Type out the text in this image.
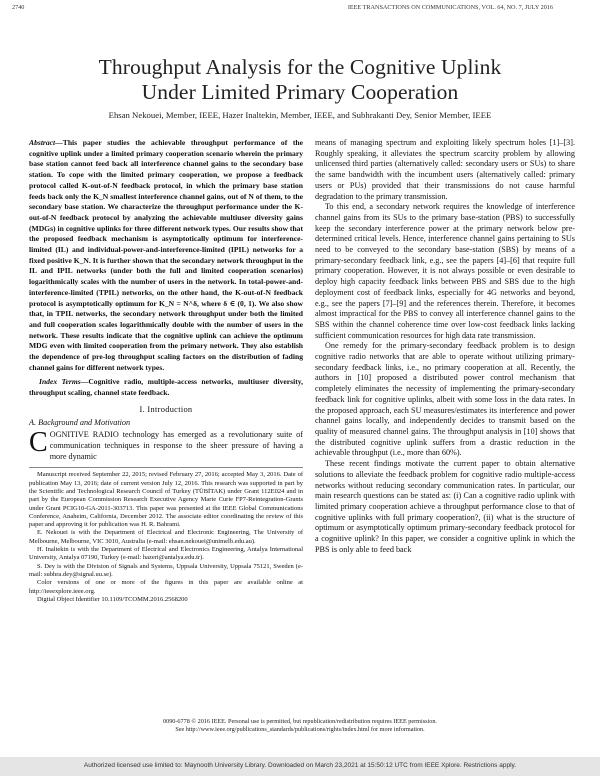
2740	IEEE TRANSACTIONS ON COMMUNICATIONS, VOL. 64, NO. 7, JULY 2016
Throughput Analysis for the Cognitive Uplink
Under Limited Primary Cooperation
Ehsan Nekouei, Member, IEEE, Hazer Inaltekin, Member, IEEE, and Subhrakanti Dey, Senior Member, IEEE
Abstract—This paper studies the achievable throughput performance of the cognitive uplink under a limited primary cooperation scenario wherein the primary base station cannot feed back all interference channel gains to the secondary base station. To cope with the limited primary cooperation, we propose a feedback protocol called K-out-of-N feedback protocol, in which the primary base station feeds back only the K_N smallest interference channel gains, out of N of them, to the secondary base station. We characterize the throughput performance under the K-out-of-N feedback protocol by analyzing the achievable multiuser diversity gains (MDGs) in cognitive uplinks for three different network types. Our results show that the proposed feedback mechanism is asymptotically optimum for interference-limited (IL) and individual-power-and-interference-limited (IPIL) networks for a fixed positive K_N. It is further shown that the secondary network throughput in the IL and IPIL networks (under both the full and limited cooperation scenarios) logarithmically scales with the number of users in the network. In total-power-and-interference-limited (TPIL) networks, on the other hand, the K-out-of-N feedback protocol is asymptotically optimum for K_N = N^δ, where δ ∈ (0, 1). We also show that, in TPIL networks, the secondary network throughput under both the limited and full cooperation scales logarithmically double with the number of users in the network. These results indicate that the cognitive uplink can achieve the optimum MDG even with limited cooperation from the primary network. They also establish the dependence of pre-log throughput scaling factors on the distribution of fading channel gains for different network types.
Index Terms—Cognitive radio, multiple-access networks, multiuser diversity, throughput scaling, channel state feedback.
I. Introduction
A. Background and Motivation
COGNITIVE RADIO technology has emerged as a revolutionary suite of communication techniques in response to the sheer pressure of having a more dynamic
Manuscript received September 22, 2015; revised February 27, 2016; accepted May 3, 2016. Date of publication May 13, 2016; date of current version July 12, 2016. This research was supported in part by the Scientific and Technological Research Council of Turkey (TÜBİTAK) under Grant 112E024 and in part by the European Commission Research Executive Agency Marie Curie FP7-Reintegration-Grants under Grant PCIG10-GA-2011-303713. This paper was presented at the IEEE Global Communications Conference, Anaheim, California, December 2012. The associate editor coordinating the review of this paper and approving it for publication was H. R. Bahrami.
E. Nekouei is with the Department of Electrical and Electronic Engineering, The University of Melbourne, Melbourne, VIC 3010, Australia (e-mail: ehsan.nekouei@unimelb.edu.au).
H. Inaltekin is with the Department of Electrical and Electronics Engineering, Antalya International University, Antalya 07190, Turkey (e-mail: hazeri@antalya.edu.tr).
S. Dey is with the Division of Signals and Systems, Uppsala University, Uppsala 75121, Sweden (e-mail: subhra.dey@signal.uu.se).
Color versions of one or more of the figures in this paper are available online at http://ieeexplore.ieee.org.
Digital Object Identifier 10.1109/TCOMM.2016.2568200
means of managing spectrum and exploiting likely spectrum holes [1]–[3]. Roughly speaking, it alleviates the spectrum scarcity problem by allowing unlicensed third parties (alternatively called: secondary users or SUs) to share the same bandwidth with the incumbent users (alternatively called: primary users or PUs) provided that their transmissions do not cause harmful degradation to the primary transmission.
To this end, a secondary network requires the knowledge of interference channel gains from its SUs to the primary base-station (PBS) to successfully keep the secondary interference power at the primary network below pre-determined critical levels. Hence, interference channel gains pertaining to SUs need to be conveyed to the secondary base-station (SBS) by means of a primary-secondary feedback link, e.g., see the papers [4]–[6] that require full primary cooperation. However, it is not always possible or even desirable to deploy high capacity feedback links between PBS and SBS due to the high deployment cost of feedback links, especially for 4G networks and beyond, e.g., see the papers [7]–[9] and the references therein. Therefore, it becomes almost impractical for the PBS to convey all interference channel gains to the SBS within the channel coherence time over low-cost feedback links lacking sufficient communication resources for high data rate transmission.
One remedy for the primary-secondary feedback problem is to design cognitive radio networks that are able to operate without utilizing primary-secondary feedback links, i.e., no primary cooperation at all. Recently, the authors in [10] proposed a distributed power control mechanism that completely eliminates the necessity of implementing the primary-secondary feedback link for cognitive uplinks, albeit with some loss in the data rates. In the proposed approach, each SU measures/estimates its interference and power channel gains locally, and independently decides to transmit based on the quality of measured channel gains. The throughput analysis in [10] shows that the distributed cognitive uplink suffers from a drastic reduction in the achievable throughput (i.e., more than 60%).
These recent findings motivate the current paper to obtain alternative solutions to alleviate the feedback problem for cognitive radio multiple-access networks without reducing secondary communication rates. In particular, our main research questions can be stated as: (i) Can a cognitive radio uplink with limited primary cooperation achieve a throughput performance close to that of cognitive uplinks with full primary cooperation?, (ii) what is the structure of optimum or asymptotically optimum primary-secondary feedback protocol for a cognitive uplink? In this paper, we consider a cognitive uplink in which the PBS is only able to feed back
0090-6778 © 2016 IEEE. Personal use is permitted, but republication/redistribution requires IEEE permission.
See http://www.ieee.org/publications_standards/publications/rights/index.html for more information.
Authorized licensed use limited to: Maynooth University Library. Downloaded on March 23,2021 at 15:50:12 UTC from IEEE Xplore. Restrictions apply.
